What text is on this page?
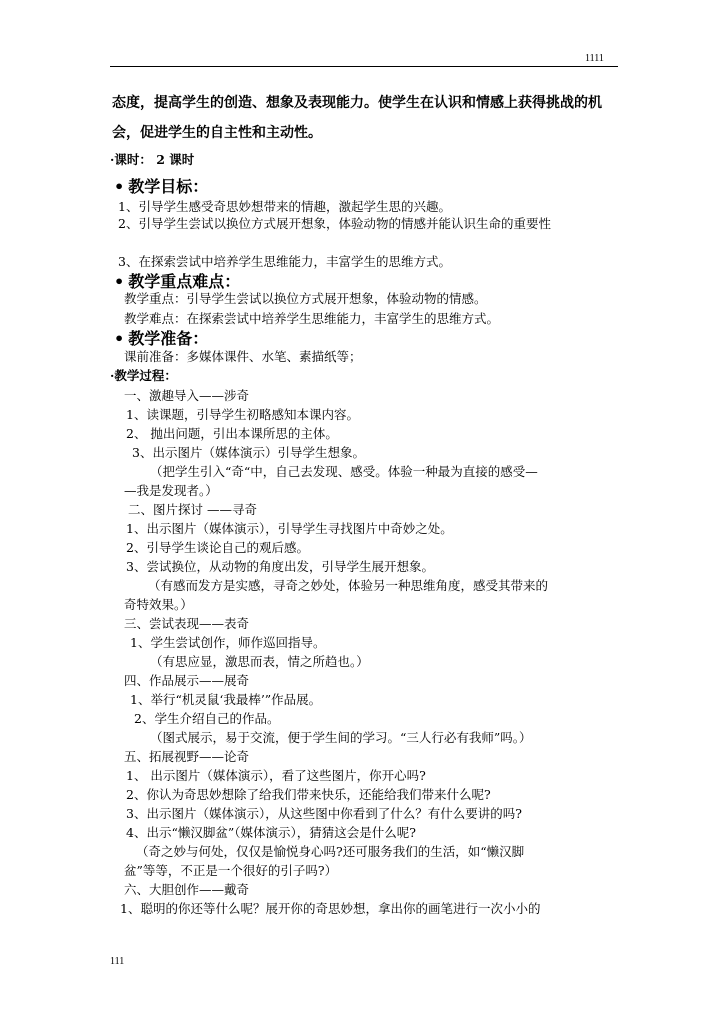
1111
态度，提高学生的创造、想象及表现能力。使学生在认识和情感上获得挑战的机
会，促进学生的自主性和主动性。
·课时： 2 课时
• 教学目标：
1、引导学生感受奇思妙想带来的情趣，激起学生思的兴趣。
2、引导学生尝试以换位方式展开想象，体验动物的情感并能认识生命的重要性
3、在探索尝试中培养学生思维能力，丰富学生的思维方式。
• 教学重点难点：
教学重点：引导学生尝试以换位方式展开想象，体验动物的情感。
教学难点：在探索尝试中培养学生思维能力，丰富学生的思维方式。
• 教学准备：
课前准备：多媒体课件、水笔、素描纸等；
·教学过程：
一、激趣导入——涉奇
1、读课题，引导学生初略感知本课内容。
2、 抛出问题，引出本课所思的主体。
3、出示图片（媒体演示）引导学生想象。
（把学生引入“奇“中，自己去发现、感受。体验一种最为直接的感受—
—我是发现者。）
二、图片探讨 ——寻奇
1、出示图片（媒体演示），引导学生寻找图片中奇妙之处。
2、引导学生谈论自己的观后感。
3、尝试换位，从动物的角度出发，引导学生展开想象。
（有感而发方是实感，寻奇之妙处，体验另一种思维角度，感受其带来的
奇特效果。）
三、尝试表现——表奇
1、学生尝试创作，师作巡回指导。
（有思应显，激思而表，情之所趋也。）
四、作品展示——展奇
1、举行“机灵鼠‘我最棒’”作品展。
2、学生介绍自己的作品。
（图式展示，易于交流，便于学生间的学习。“三人行必有我师”吗。）
五、拓展视野——论奇
1、 出示图片（媒体演示），看了这些图片，你开心吗?
2、你认为奇思妙想除了给我们带来快乐，还能给我们带来什么呢?
3、出示图片（媒体演示），从这些图中你看到了什么？有什么要讲的吗?
4、出示“懒汉脚盆”（媒体演示），猜猜这会是什么呢?
（奇之妙与何处，仅仅是愉悦身心吗?还可服务我们的生活，如“懒汉脚
盆”等等，不正是一个很好的引子吗?）
六、大胆创作——戴奇
1、聪明的你还等什么呢？展开你的奇思妙想，拿出你的画笔进行一次小小的
111
